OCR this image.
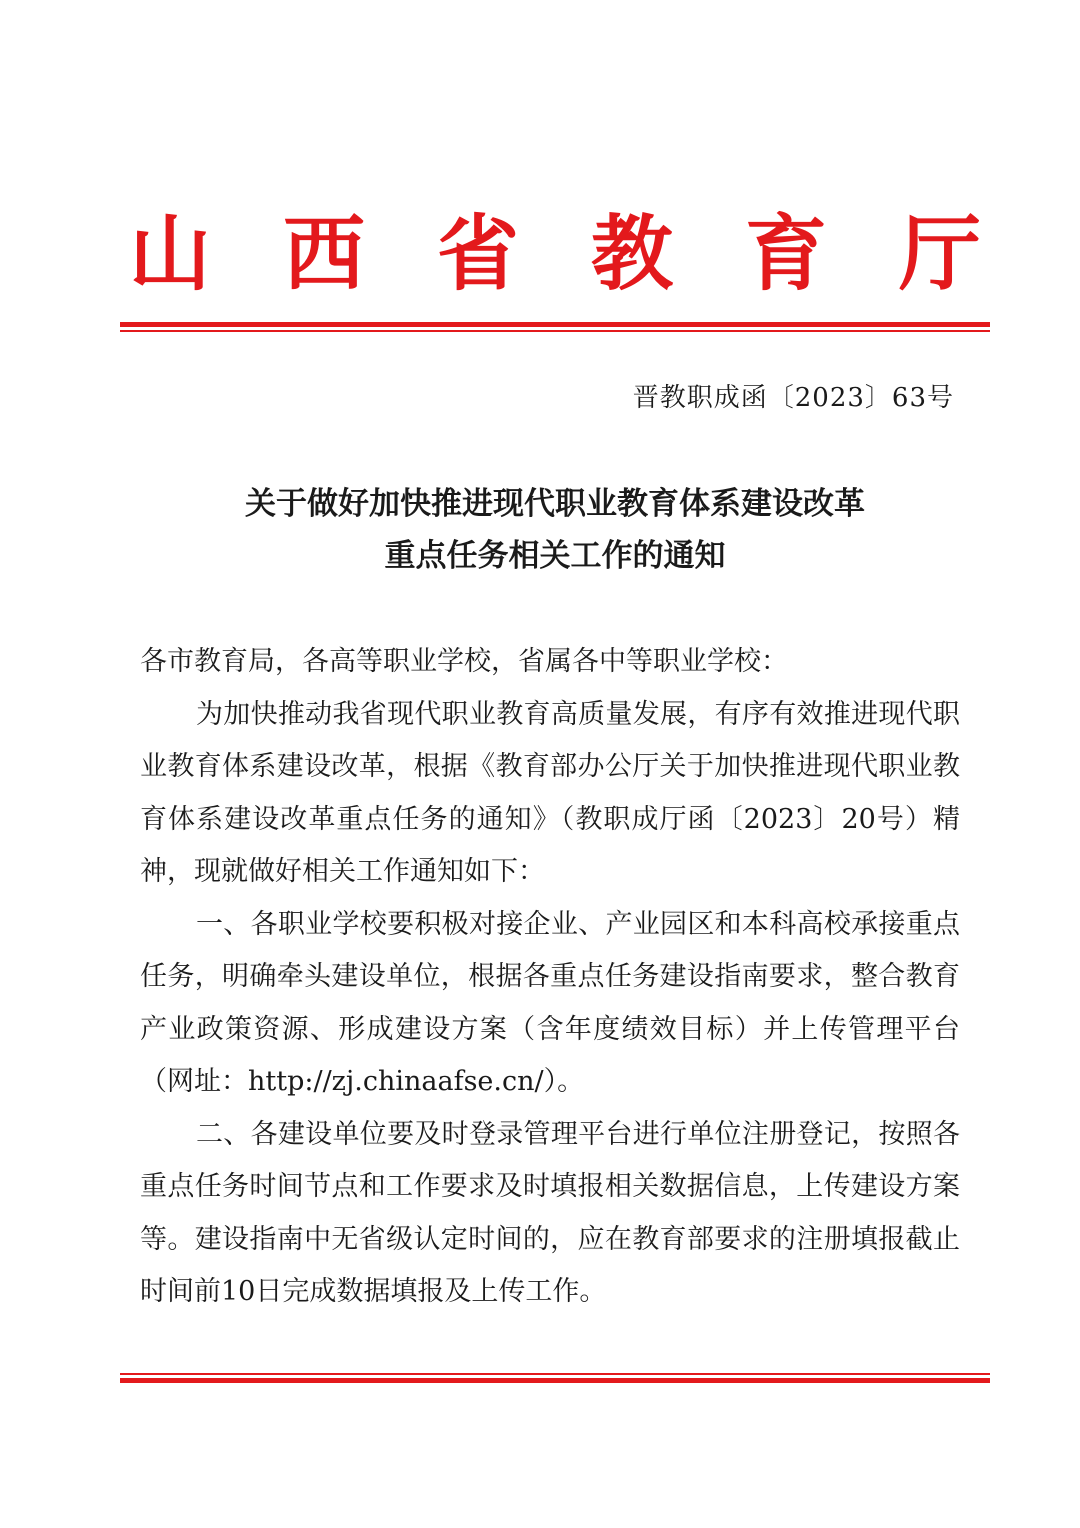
山 西 省 教 育 厅
晋教职成函〔2023〕63号
关于做好加快推进现代职业教育体系建设改革
重点任务相关工作的通知

各市教育局，各高等职业学校，省属各中等职业学校：

为加快推动我省现代职业教育高质量发展，有序有效推进现代职业教育体系建设改革，根据《教育部办公厅关于加快推进现代职业教育体系建设改革重点任务的通知》（教职成厅函〔2023〕20号）精神，现就做好相关工作通知如下：

一、各职业学校要积极对接企业、产业园区和本科高校承接重点任务，明确牵头建设单位，根据各重点任务建设指南要求，整合教育产业政策资源、形成建设方案（含年度绩效目标）并上传管理平台（网址：http://zj.chinaafse.cn/）。

二、各建设单位要及时登录管理平台进行单位注册登记，按照各重点任务时间节点和工作要求及时填报相关数据信息，上传建设方案等。建设指南中无省级认定时间的，应在教育部要求的注册填报截止时间前10日完成数据填报及上传工作。
